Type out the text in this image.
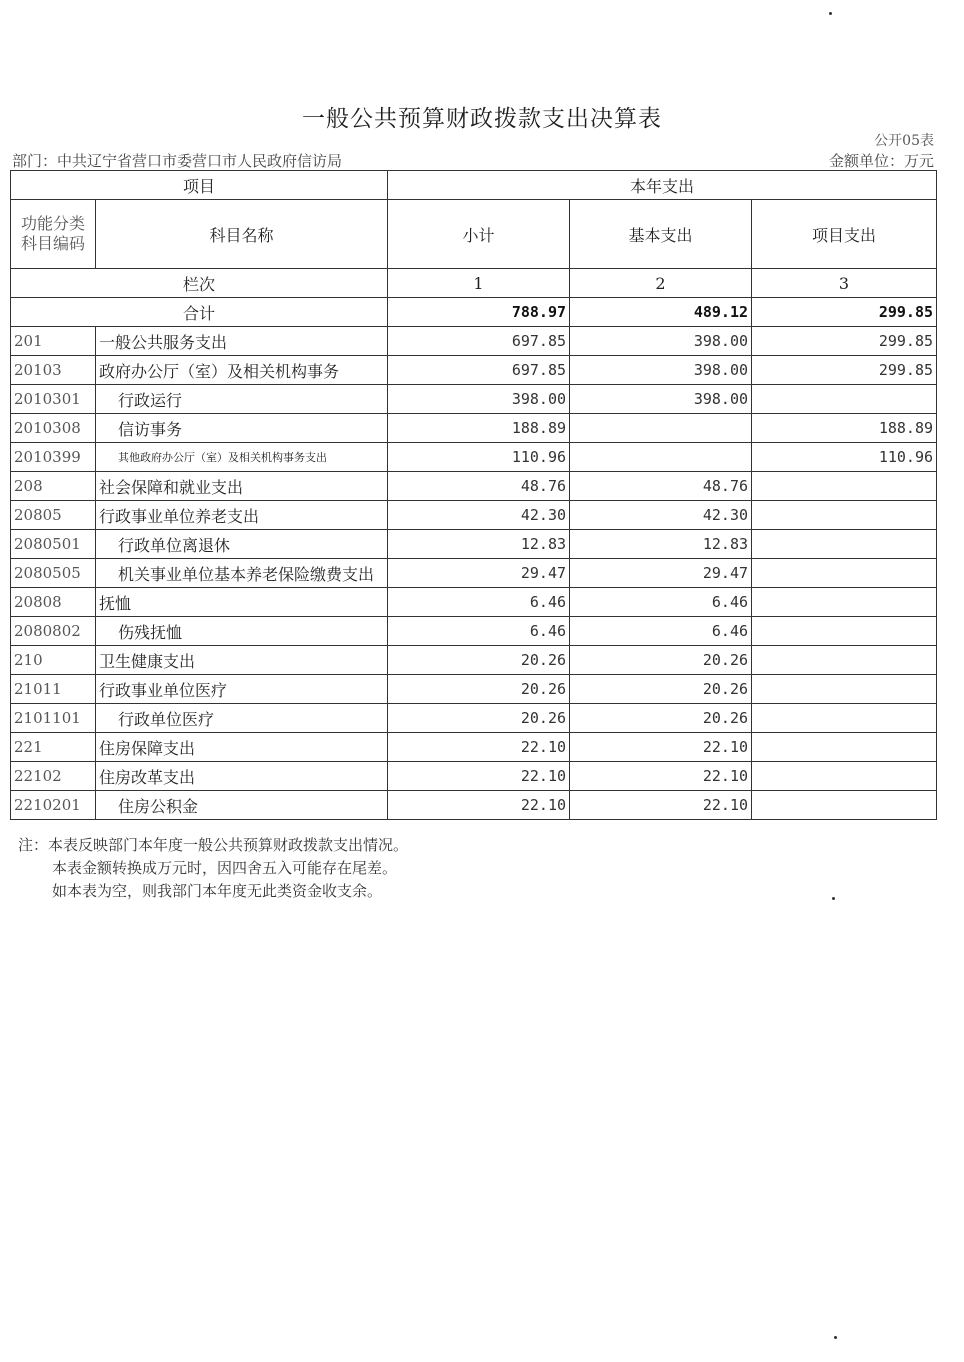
一般公共预算财政拨款支出决算表
公开05表
部门：中共辽宁省营口市委营口市人民政府信访局	金额单位：万元
项目		本年支出		
功能分类科目编码	科目名称	小计	基本支出	项目支出
栏次		1	2	3
合计		788.97	489.12	299.85
201	一般公共服务支出	697.85	398.00	299.85
20103	政府办公厅（室）及相关机构事务	697.85	398.00	299.85
2010301	行政运行	398.00	398.00	
2010308	信访事务	188.89		188.89
2010399	其他政府办公厅（室）及相关机构事务支出	110.96		110.96
208	社会保障和就业支出	48.76	48.76	
20805	行政事业单位养老支出	42.30	42.30	
2080501	行政单位离退休	12.83	12.83	
2080505	机关事业单位基本养老保险缴费支出	29.47	29.47	
20808	抚恤	6.46	6.46	
2080802	伤残抚恤	6.46	6.46	
210	卫生健康支出	20.26	20.26	
21011	行政事业单位医疗	20.26	20.26	
2101101	行政单位医疗	20.26	20.26	
221	住房保障支出	22.10	22.10	
22102	住房改革支出	22.10	22.10	
2210201	住房公积金	22.10	22.10	
注：本表反映部门本年度一般公共预算财政拨款支出情况。
本表金额转换成万元时，因四舍五入可能存在尾差。
如本表为空，则我部门本年度无此类资金收支余。
